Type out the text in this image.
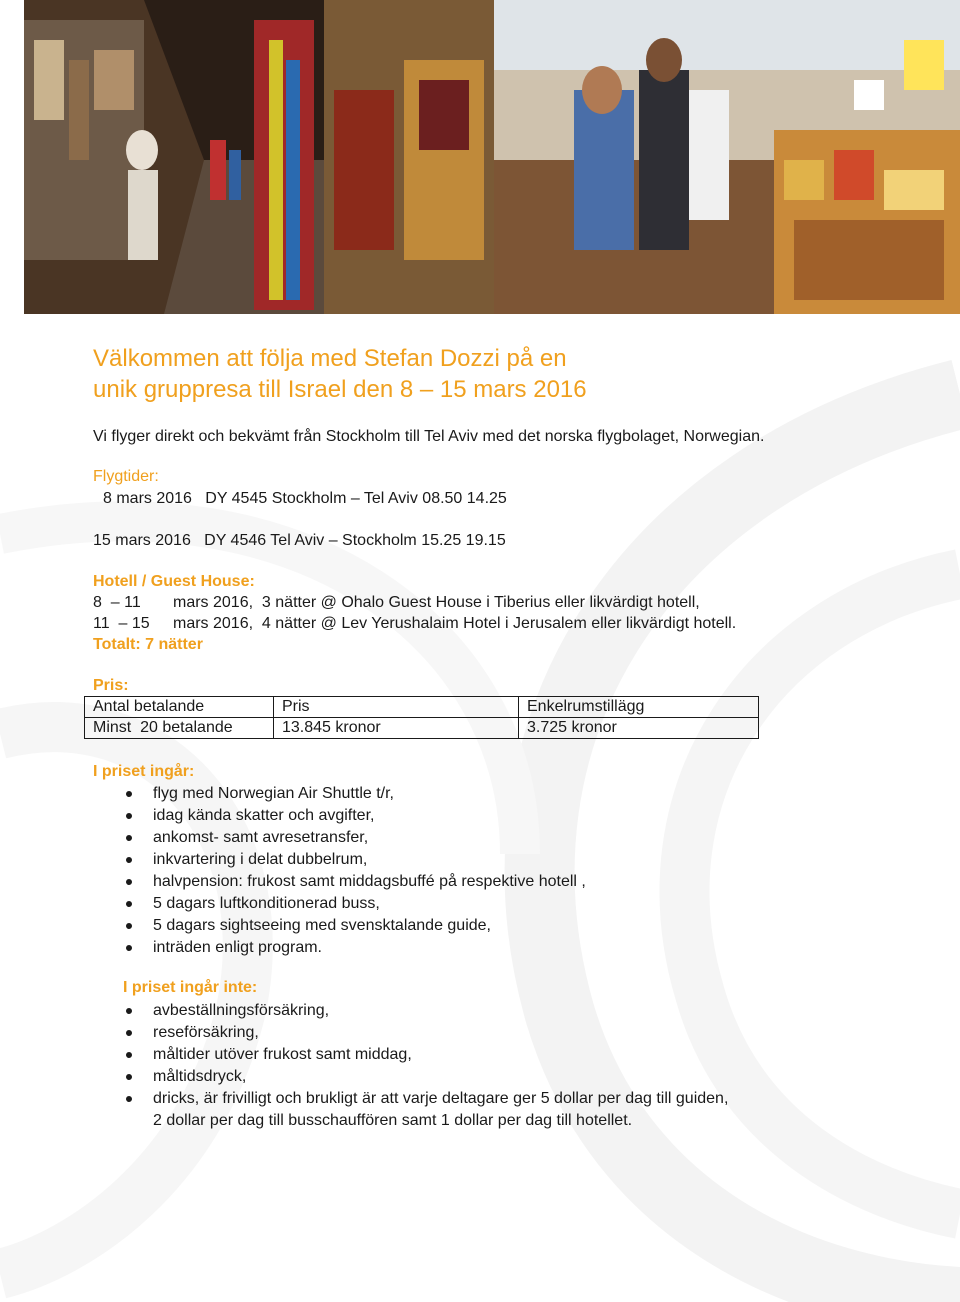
Välkommen att följa med Stefan Dozzi på en
unik gruppresa till Israel den 8 – 15 mars 2016
Vi flyger direkt och bekvämt från Stockholm till Tel Aviv med det norska flygbolaget, Norwegian.
Flygtider:
8 mars 2016   DY 4545 Stockholm – Tel Aviv 08.50 14.25
15 mars 2016   DY 4546 Tel Aviv – Stockholm 15.25 19.15
Hotell / Guest House:
8  – 11 mars 2016,  3 nätter @ Ohalo Guest House i Tiberius eller likvärdigt hotell,
11  – 15 mars 2016,  4 nätter @ Lev Yerushalaim Hotel i Jerusalem eller likvärdigt hotell.
Totalt: 7 nätter
Pris:
Antal betalande	Pris	Enkelrumstillägg
Minst  20 betalande	13.845 kronor	3.725 kronor
I priset ingår:
flyg med Norwegian Air Shuttle t/r,
idag kända skatter och avgifter,
ankomst- samt avresetransfer,
inkvartering i delat dubbelrum,
halvpension: frukost samt middagsbuffé på respektive hotell ,
5 dagars luftkonditionerad buss,
5 dagars sightseeing med svensktalande guide,
inträden enligt program.
I priset ingår inte:
avbeställningsförsäkring,
reseförsäkring,
måltider utöver frukost samt middag,
måltidsdryck,
dricks, är frivilligt och brukligt är att varje deltagare ger 5 dollar per dag till guiden,
2 dollar per dag till busschauffören samt 1 dollar per dag till hotellet.
